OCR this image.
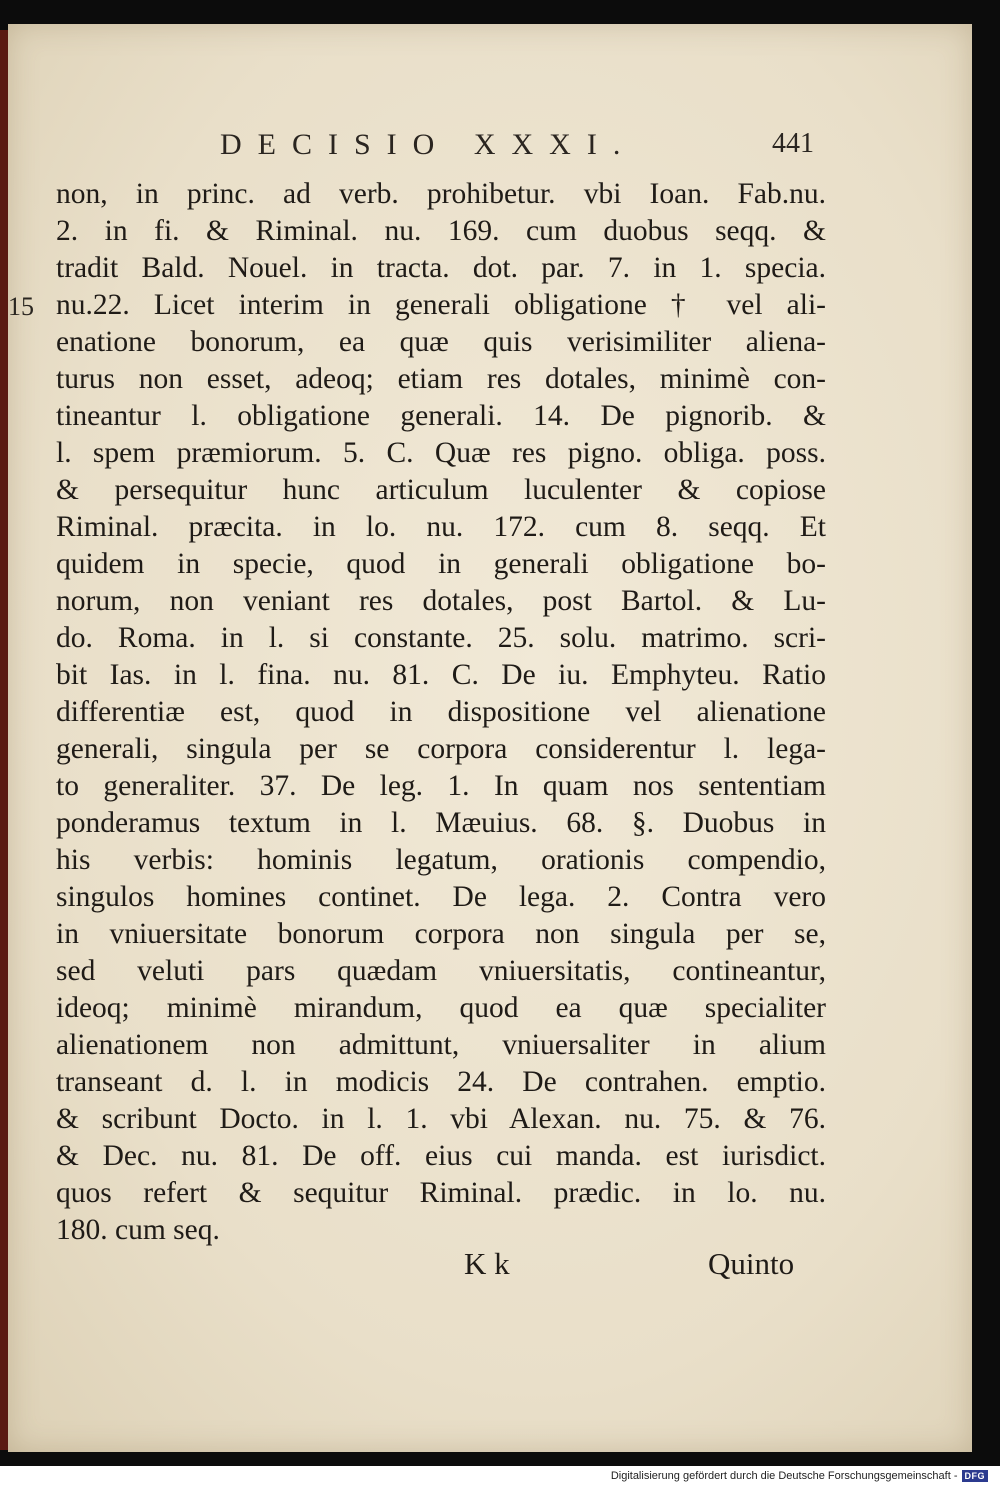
DECISIO XXXI.	441
15
non, in princ. ad verb. prohibetur. vbi Ioan. Fab.nu.
2. in fi. & Riminal. nu. 169. cum duobus seqq. &
tradit Bald. Nouel. in tracta. dot. par. 7. in 1. specia.
nu.22. Licet interim in generali obligatione † vel ali-
enatione bonorum, ea quæ quis verisimiliter aliena-
turus non esset, adeoq; etiam res dotales, minimè con-
tineantur l. obligatione generali. 14. De pignorib. &
l. spem præmiorum. 5. C. Quæ res pigno. obliga. poss.
& persequitur hunc articulum luculenter & copiose
Riminal. præcita. in lo. nu. 172. cum 8. seqq. Et
quidem in specie, quod in generali obligatione bo-
norum, non veniant res dotales, post Bartol. & Lu-
do. Roma. in l. si constante. 25. solu. matrimo. scri-
bit Ias. in l. fina. nu. 81. C. De iu. Emphyteu. Ratio
differentiæ est, quod in dispositione vel alienatione
generali, singula per se corpora considerentur l. lega-
to generaliter. 37. De leg. 1. In quam nos sententiam
ponderamus textum in l. Mæuius. 68. §. Duobus in
his verbis: hominis legatum, orationis compendio,
singulos homines continet. De lega. 2. Contra vero
in vniuersitate bonorum corpora non singula per se,
sed veluti pars quædam vniuersitatis, contineantur,
ideoq; minimè mirandum, quod ea quæ specialiter
alienationem non admittunt, vniuersaliter in alium
transeant d. l. in modicis 24. De contrahen. emptio.
& scribunt Docto. in l. 1. vbi Alexan. nu. 75. & 76.
& Dec. nu. 81. De off. eius cui manda. est iurisdict.
quos refert & sequitur Riminal. prædic. in lo. nu.
180. cum seq.
K k	Quinto
Digitalisierung gefördert durch die Deutsche Forschungsgemeinschaft - DFG
